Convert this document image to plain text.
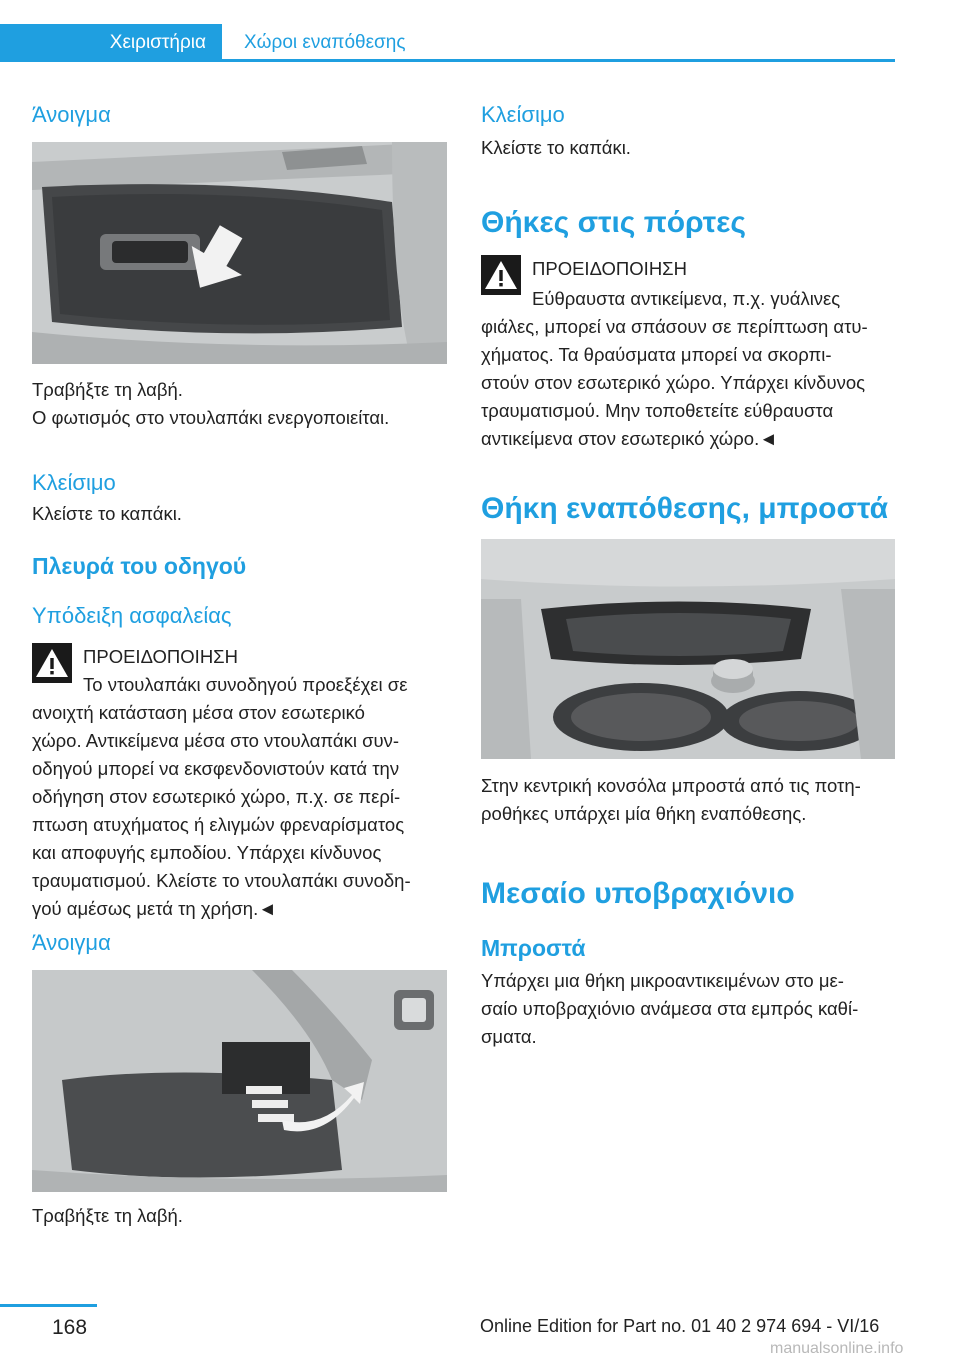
Χειριστήρια	Χώροι εναπόθεσης
Άνοιγμα
Τραβήξτε τη λαβή.
Ο φωτισμός στο ντουλαπάκι ενεργοποιείται.
Κλείσιμο
Κλείστε το καπάκι.
Πλευρά του οδηγού
Υπόδειξη ασφαλείας
ΠΡΟΕΙΔΟΠΟΙΗΣΗ
Το ντουλαπάκι συνοδηγού προεξέχει σε
ανοιχτή κατάσταση μέσα στον εσωτερικό
χώρο. Αντικείμενα μέσα στο ντουλαπάκι συν-
οδηγού μπορεί να εκσφενδονιστούν κατά την
οδήγηση στον εσωτερικό χώρο, π.χ. σε περί-
πτωση ατυχήματος ή ελιγμών φρεναρίσματος
και αποφυγής εμποδίου. Υπάρχει κίνδυνος
τραυματισμού. Κλείστε το ντουλαπάκι συνοδη-
γού αμέσως μετά τη χρήση.◄
Άνοιγμα
Τραβήξτε τη λαβή.
Κλείσιμο
Κλείστε το καπάκι.
Θήκες στις πόρτες
ΠΡΟΕΙΔΟΠΟΙΗΣΗ
Εύθραυστα αντικείμενα, π.χ. γυάλινες
φιάλες, μπορεί να σπάσουν σε περίπτωση ατυ-
χήματος. Τα θραύσματα μπορεί να σκορπι-
στούν στον εσωτερικό χώρο. Υπάρχει κίνδυνος
τραυματισμού. Μην τοποθετείτε εύθραυστα
αντικείμενα στον εσωτερικό χώρο.◄
Θήκη εναπόθεσης, μπροστά
Στην κεντρική κονσόλα μπροστά από τις ποτη-
ροθήκες υπάρχει μία θήκη εναπόθεσης.
Μεσαίο υποβραχιόνιο
Μπροστά
Υπάρχει μια θήκη μικροαντικειμένων στο με-
σαίο υποβραχιόνιο ανάμεσα στα εμπρός καθί-
σματα.
168	Online Edition for Part no. 01 40 2 974 694 - VI/16
manualsonline.info
